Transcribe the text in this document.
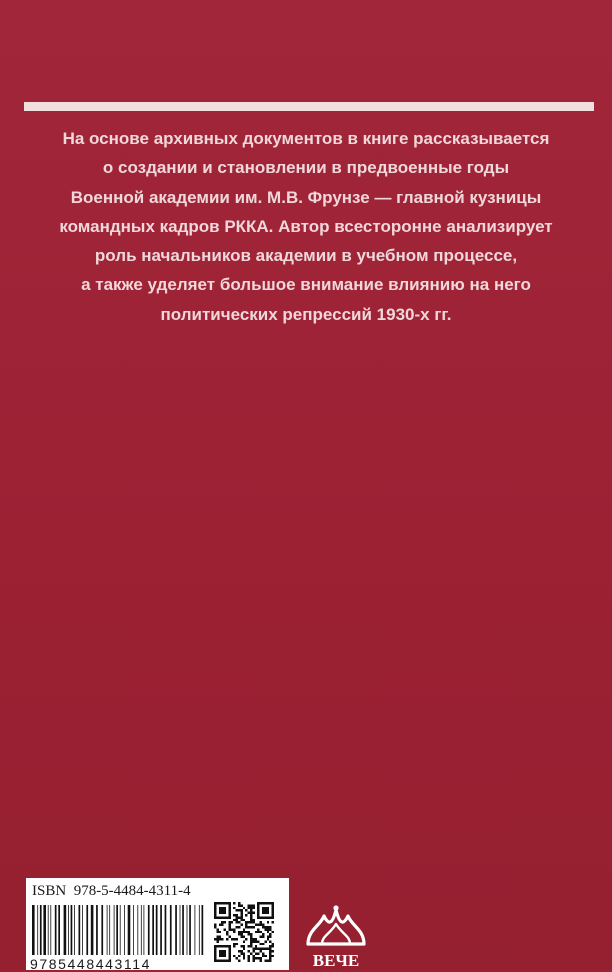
На основе архивных документов в книге рассказывается
о создании и становлении в предвоенные годы
Военной академии им. М.В. Фрунзе — главной кузницы
командных кадров РККА. Автор всесторонне анализирует
роль начальников академии в учебном процессе,
а также уделяет большое внимание влиянию на него
политических репрессий 1930-х гг.

ISBN 978-5-4484-4311-4
9785448443114	ВЕЧЕ
